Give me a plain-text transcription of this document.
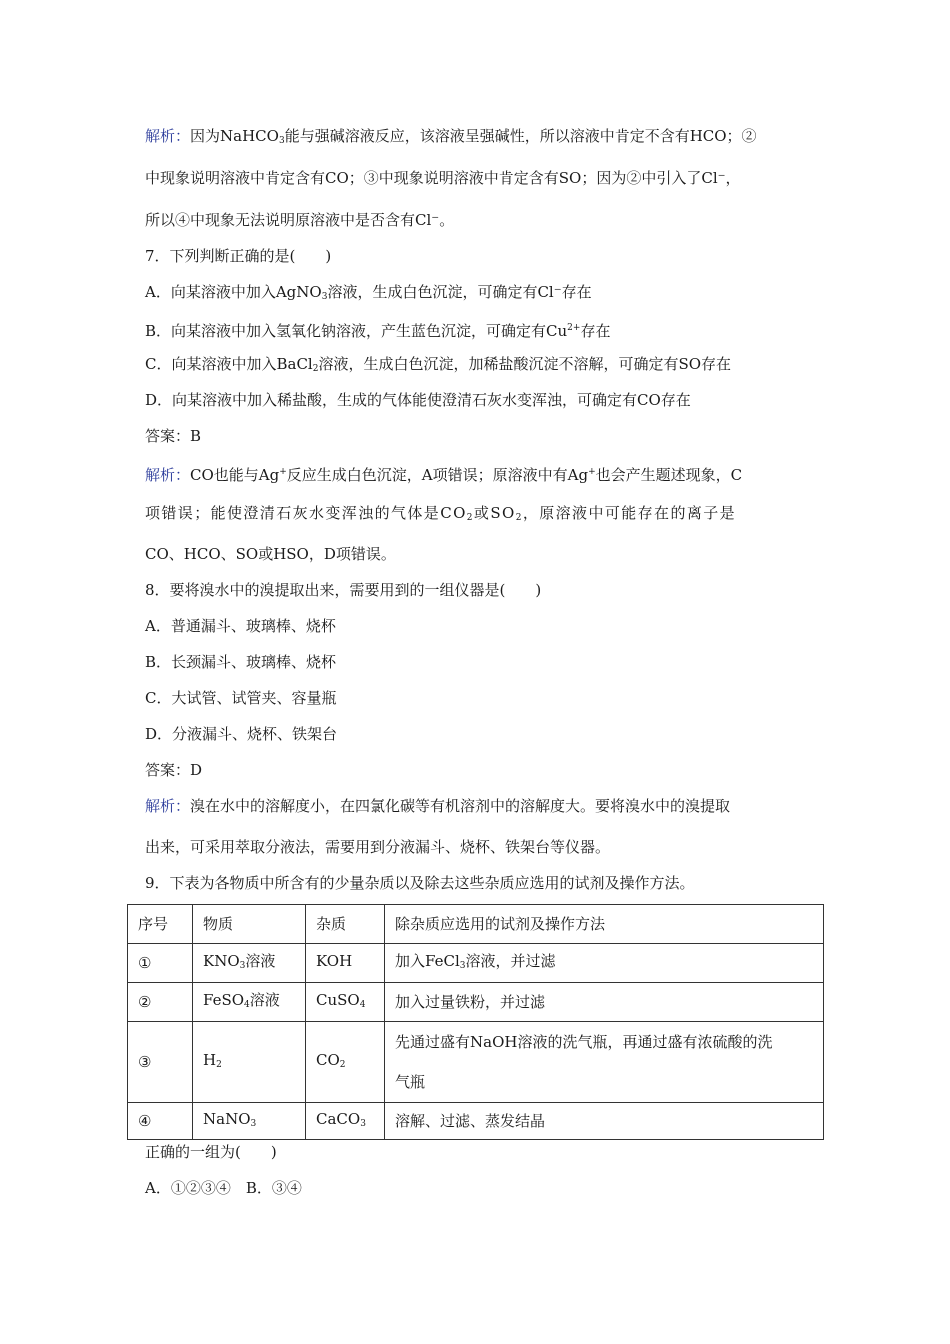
解析：因为NaHCO$_3$能与强碱溶液反应，该溶液呈强碱性，所以溶液中肯定不含有HCO；②
中现象说明溶液中肯定含有CO；③中现象说明溶液中肯定含有SO；因为②中引入了Cl⁻，
所以④中现象无法说明原溶液中是否含有Cl⁻。
7．下列判断正确的是(　　)
A．向某溶液中加入AgNO$_3$溶液，生成白色沉淀，可确定有Cl⁻存在
B．向某溶液中加入氢氧化钠溶液，产生蓝色沉淀，可确定有$Cu^{2+}$存在
C．向某溶液中加入BaCl$_2$溶液，生成白色沉淀，加稀盐酸沉淀不溶解，可确定有SO存在
D．向某溶液中加入稀盐酸，生成的气体能使澄清石灰水变浑浊，可确定有CO存在
答案：B
解析：CO也能与Ag+反应生成白色沉淀，A项错误；原溶液中有Ag+也会产生题述现象，C
项错误；能使澄清石灰水变浑浊的气体是$CO_2$或$SO_2$，原溶液中可能存在的离子是
CO、HCO、SO或HSO，D项错误。
8．要将溴水中的溴提取出来，需要用到的一组仪器是(　　)
A．普通漏斗、玻璃棒、烧杯
B．长颈漏斗、玻璃棒、烧杯
C．大试管、试管夹、容量瓶
D．分液漏斗、烧杯、铁架台
答案：D
解析：溴在水中的溶解度小，在四氯化碳等有机溶剂中的溶解度大。要将溴水中的溴提取
出来，可采用萃取分液法，需要用到分液漏斗、烧杯、铁架台等仪器。
9．下表为各物质中所含有的少量杂质以及除去这些杂质应选用的试剂及操作方法。
序号	物质	杂质	除杂质应选用的试剂及操作方法
①	$KNO_3$溶液	KOH	加入FeCl$_3$溶液，并过滤
②	FeSO$_4$溶液	CuSO$_4$	加入过量铁粉，并过滤
③	$H_2$	$CO_2$	先通过盛有NaOH溶液的洗气瓶，再通过盛有浓硫酸的洗
气瓶
④	NaNO$_3$	CaCO$_3$	溶解、过滤、蒸发结晶
正确的一组为(　　)
A．①②③④　B．③④
